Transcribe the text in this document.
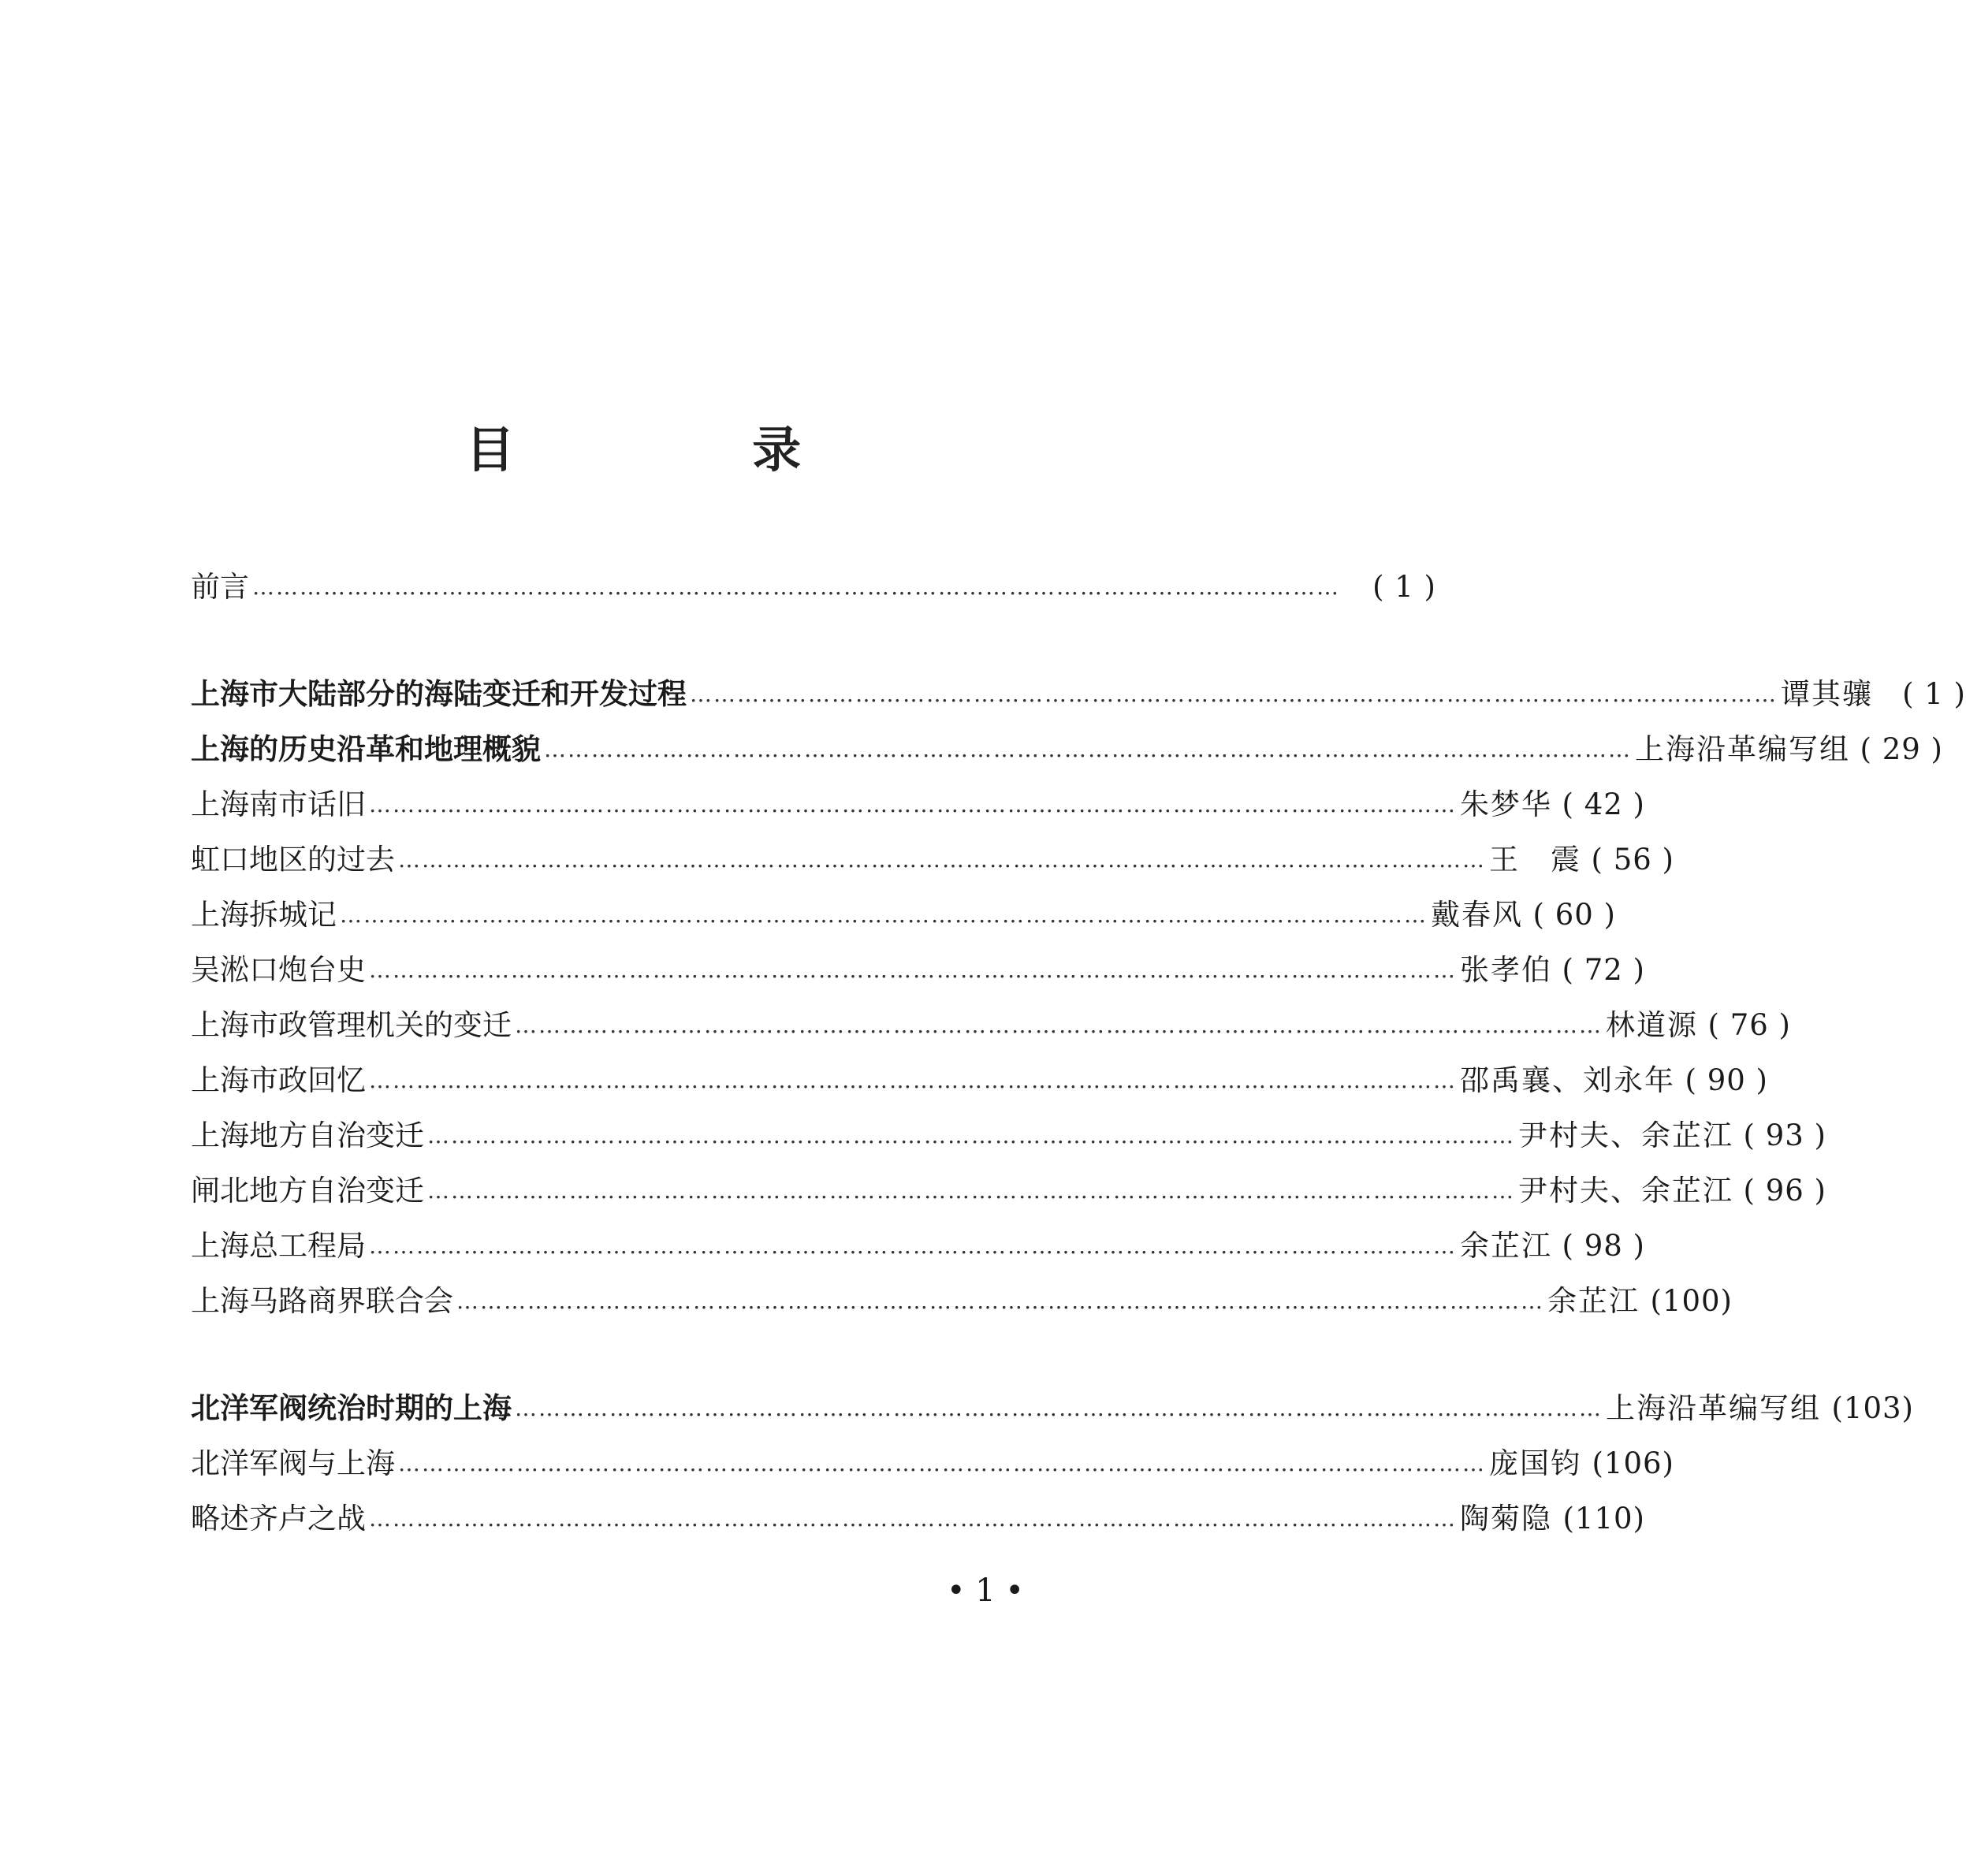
目 录
前言 …………………………………………………………………………………………………………………………	( 1 )
上海市大陆部分的海陆变迁和开发过程 ………………………………………………………………………………………………………………………… 谭其骧	( 1 )
上海的历史沿革和地理概貌 ………………………………………………………………………………………………………………………… 上海沿革编写组 ( 29 )
上海南市话旧 ………………………………………………………………………………………………………………………… 朱梦华 ( 42 )
虹口地区的过去 ………………………………………………………………………………………………………………………… 王　震 ( 56 )
上海拆城记 ………………………………………………………………………………………………………………………… 戴春风 ( 60 )
吴淞口炮台史 ………………………………………………………………………………………………………………………… 张孝伯 ( 72 )
上海市政管理机关的变迁 ………………………………………………………………………………………………………………………… 林道源 ( 76 )
上海市政回忆 ………………………………………………………………………………………………………………………… 邵禹襄、刘永年 ( 90 )
上海地方自治变迁 ………………………………………………………………………………………………………………………… 尹村夫、余芷江 ( 93 )
闸北地方自治变迁 ………………………………………………………………………………………………………………………… 尹村夫、余芷江 ( 96 )
上海总工程局 ………………………………………………………………………………………………………………………… 余芷江 ( 98 )
上海马路商界联合会 ………………………………………………………………………………………………………………………… 余芷江 (100)
北洋军阀统治时期的上海 ………………………………………………………………………………………………………………………… 上海沿革编写组 (103)
北洋军阀与上海 ………………………………………………………………………………………………………………………… 庞国钧 (106)
略述齐卢之战 ………………………………………………………………………………………………………………………… 陶菊隐 (110)
• 1 •
